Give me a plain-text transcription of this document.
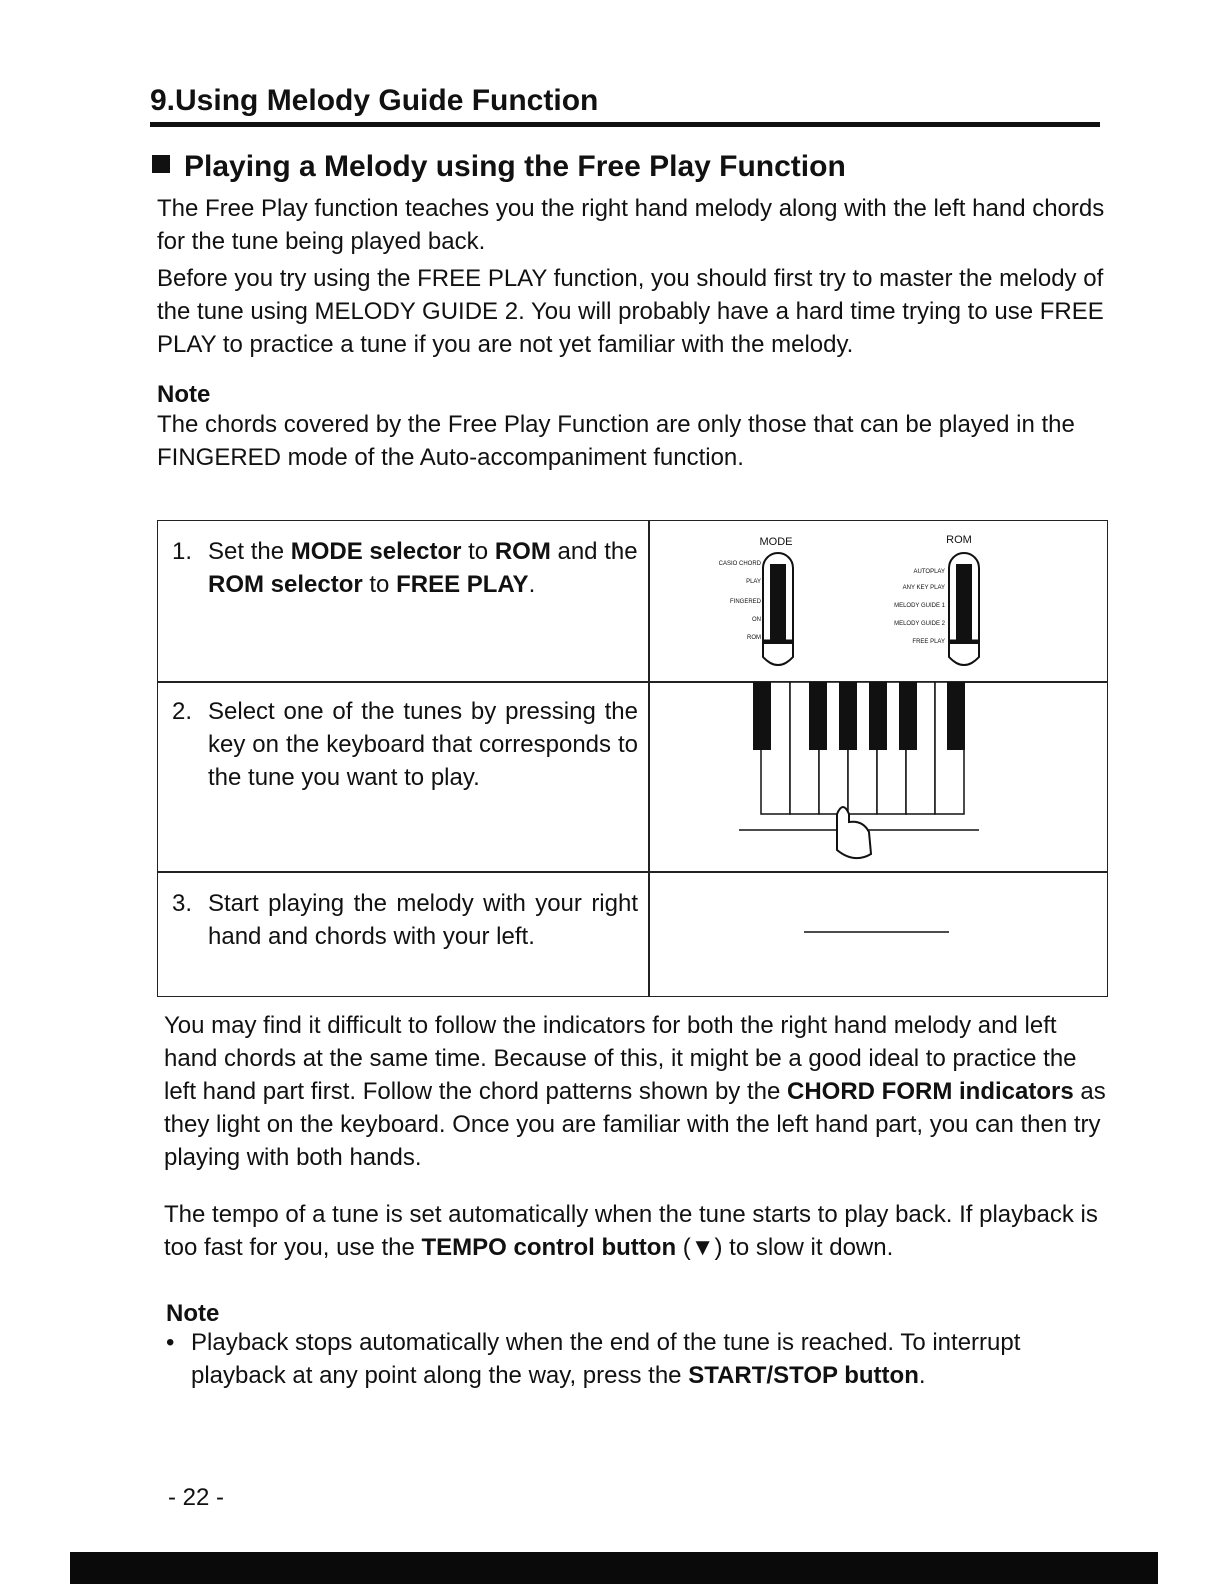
9.Using Melody Guide Function
Playing a Melody using the Free Play Function

The Free Play function teaches you the right hand melody along with the left hand chords for the tune being played back.

Before you try using the FREE PLAY function, you should first try to master the melody of the tune using MELODY GUIDE 2. You will probably have a hard time trying to use FREE PLAY to practice a tune if you are not yet familiar with the melody.

Note

The chords covered by the Free Play Function are only those that can be played in the FINGERED mode of the Auto-accompaniment function.

1. Set the MODE selector to ROM and the ROM selector to FREE PLAY.
2. Select one of the tunes by pressing the key on the keyboard that corresponds to the tune you want to play.
3. Start playing the melody with your right hand and chords with your left.
MODE	ROM
CASIO CHORD
PLAY
FINGERED
ON
ROM
AUTOPLAY
ANY KEY PLAY
MELODY GUIDE 1
MELODY GUIDE 2
FREE PLAY

You may find it difficult to follow the indicators for both the right hand melody and left hand chords at the same time. Because of this, it might be a good ideal to practice the left hand part first. Follow the chord patterns shown by the CHORD FORM indicators as they light on the keyboard. Once you are familiar with the left hand part, you can then try playing with both hands.

The tempo of a tune is set automatically when the tune starts to play back. If playback is too fast for you, use the TEMPO control button (▼) to slow it down.

Note
• Playback stops automatically when the end of the tune is reached. To interrupt playback at any point along the way, press the START/STOP button.

- 22 -
